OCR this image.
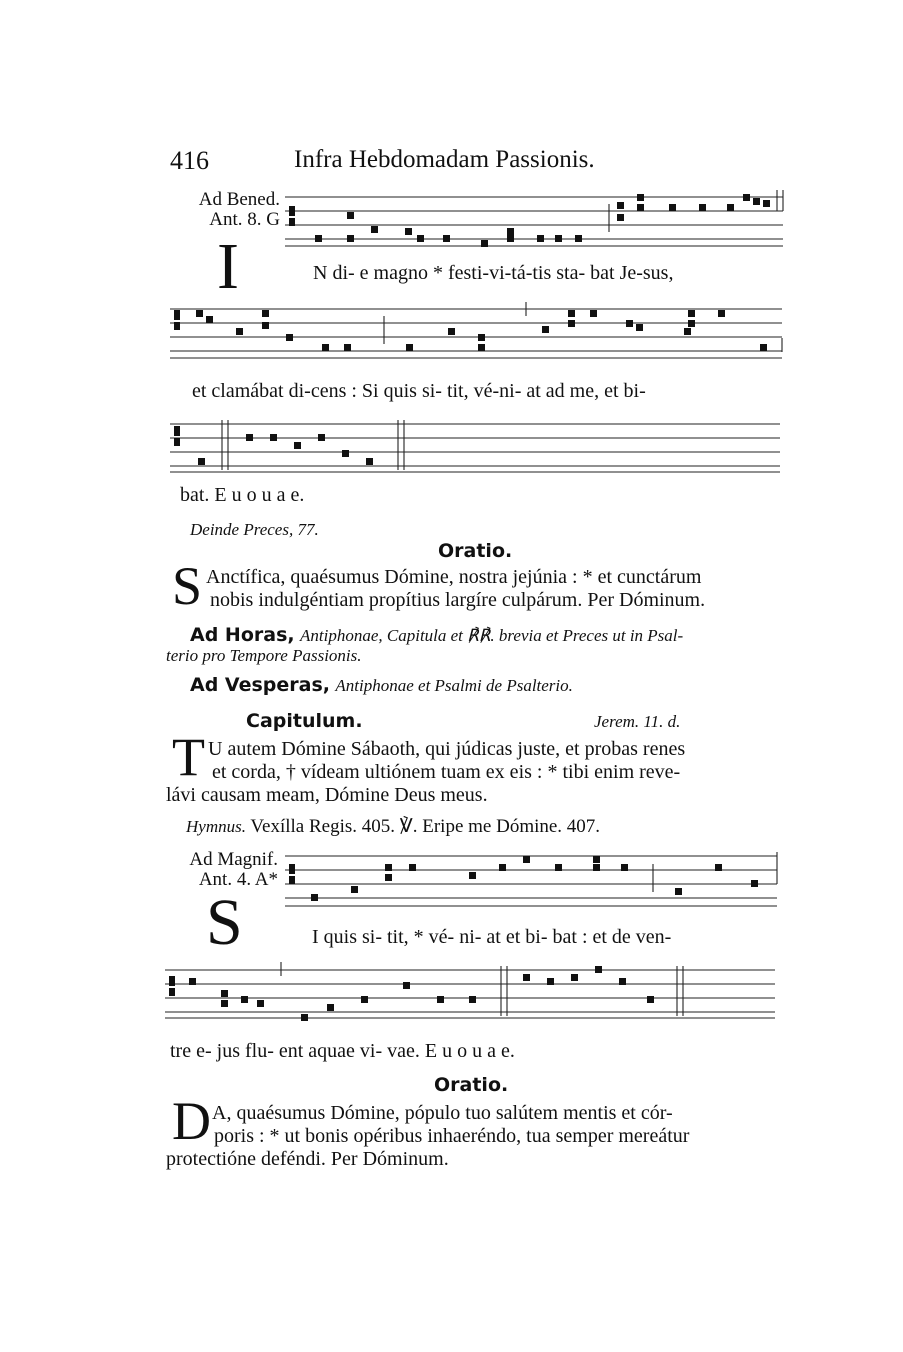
416	Infra Hebdomadam Passionis.
Ad Bened.
Ant. 8. G
I	N di- e magno * festi-vi-tá-tis sta- bat Je-sus,
et clamábat di-cens : Si quis si- tit, vé-ni- at ad me, et bi-
bat. E u o u a e.
Deinde Preces, 77.
Oratio.
S Anctífica, quaésumus Dómine, nostra jejúnia : * et cunctárum
nobis indulgéntiam propítius largíre culpárum. Per Dóminum.
Ad Horas, Antiphonae, Capitula et ℟℟. brevia et Preces ut in Psal-
terio pro Tempore Passionis.
Ad Vesperas, Antiphonae et Psalmi de Psalterio.
Capitulum.	Jerem. 11. d.
T U autem Dómine Sábaoth, qui júdicas juste, et probas renes
et corda, † vídeam ultiónem tuam ex eis : * tibi enim reve-
lávi causam meam, Dómine Deus meus.
Hymnus. Vexílla Regis. 405. ℣. Eripe me Dómine. 407.
Ad Magnif.
Ant. 4. A*
S	I quis si- tit, * vé- ni- at et bi- bat : et de ven-
tre e- jus flu- ent aquae vi- vae. E u o u a e.
Oratio.
D A, quaésumus Dómine, pópulo tuo salútem mentis et cór-
poris : * ut bonis opéribus inhaeréndo, tua semper mereátur
protectióne deféndi. Per Dóminum.
